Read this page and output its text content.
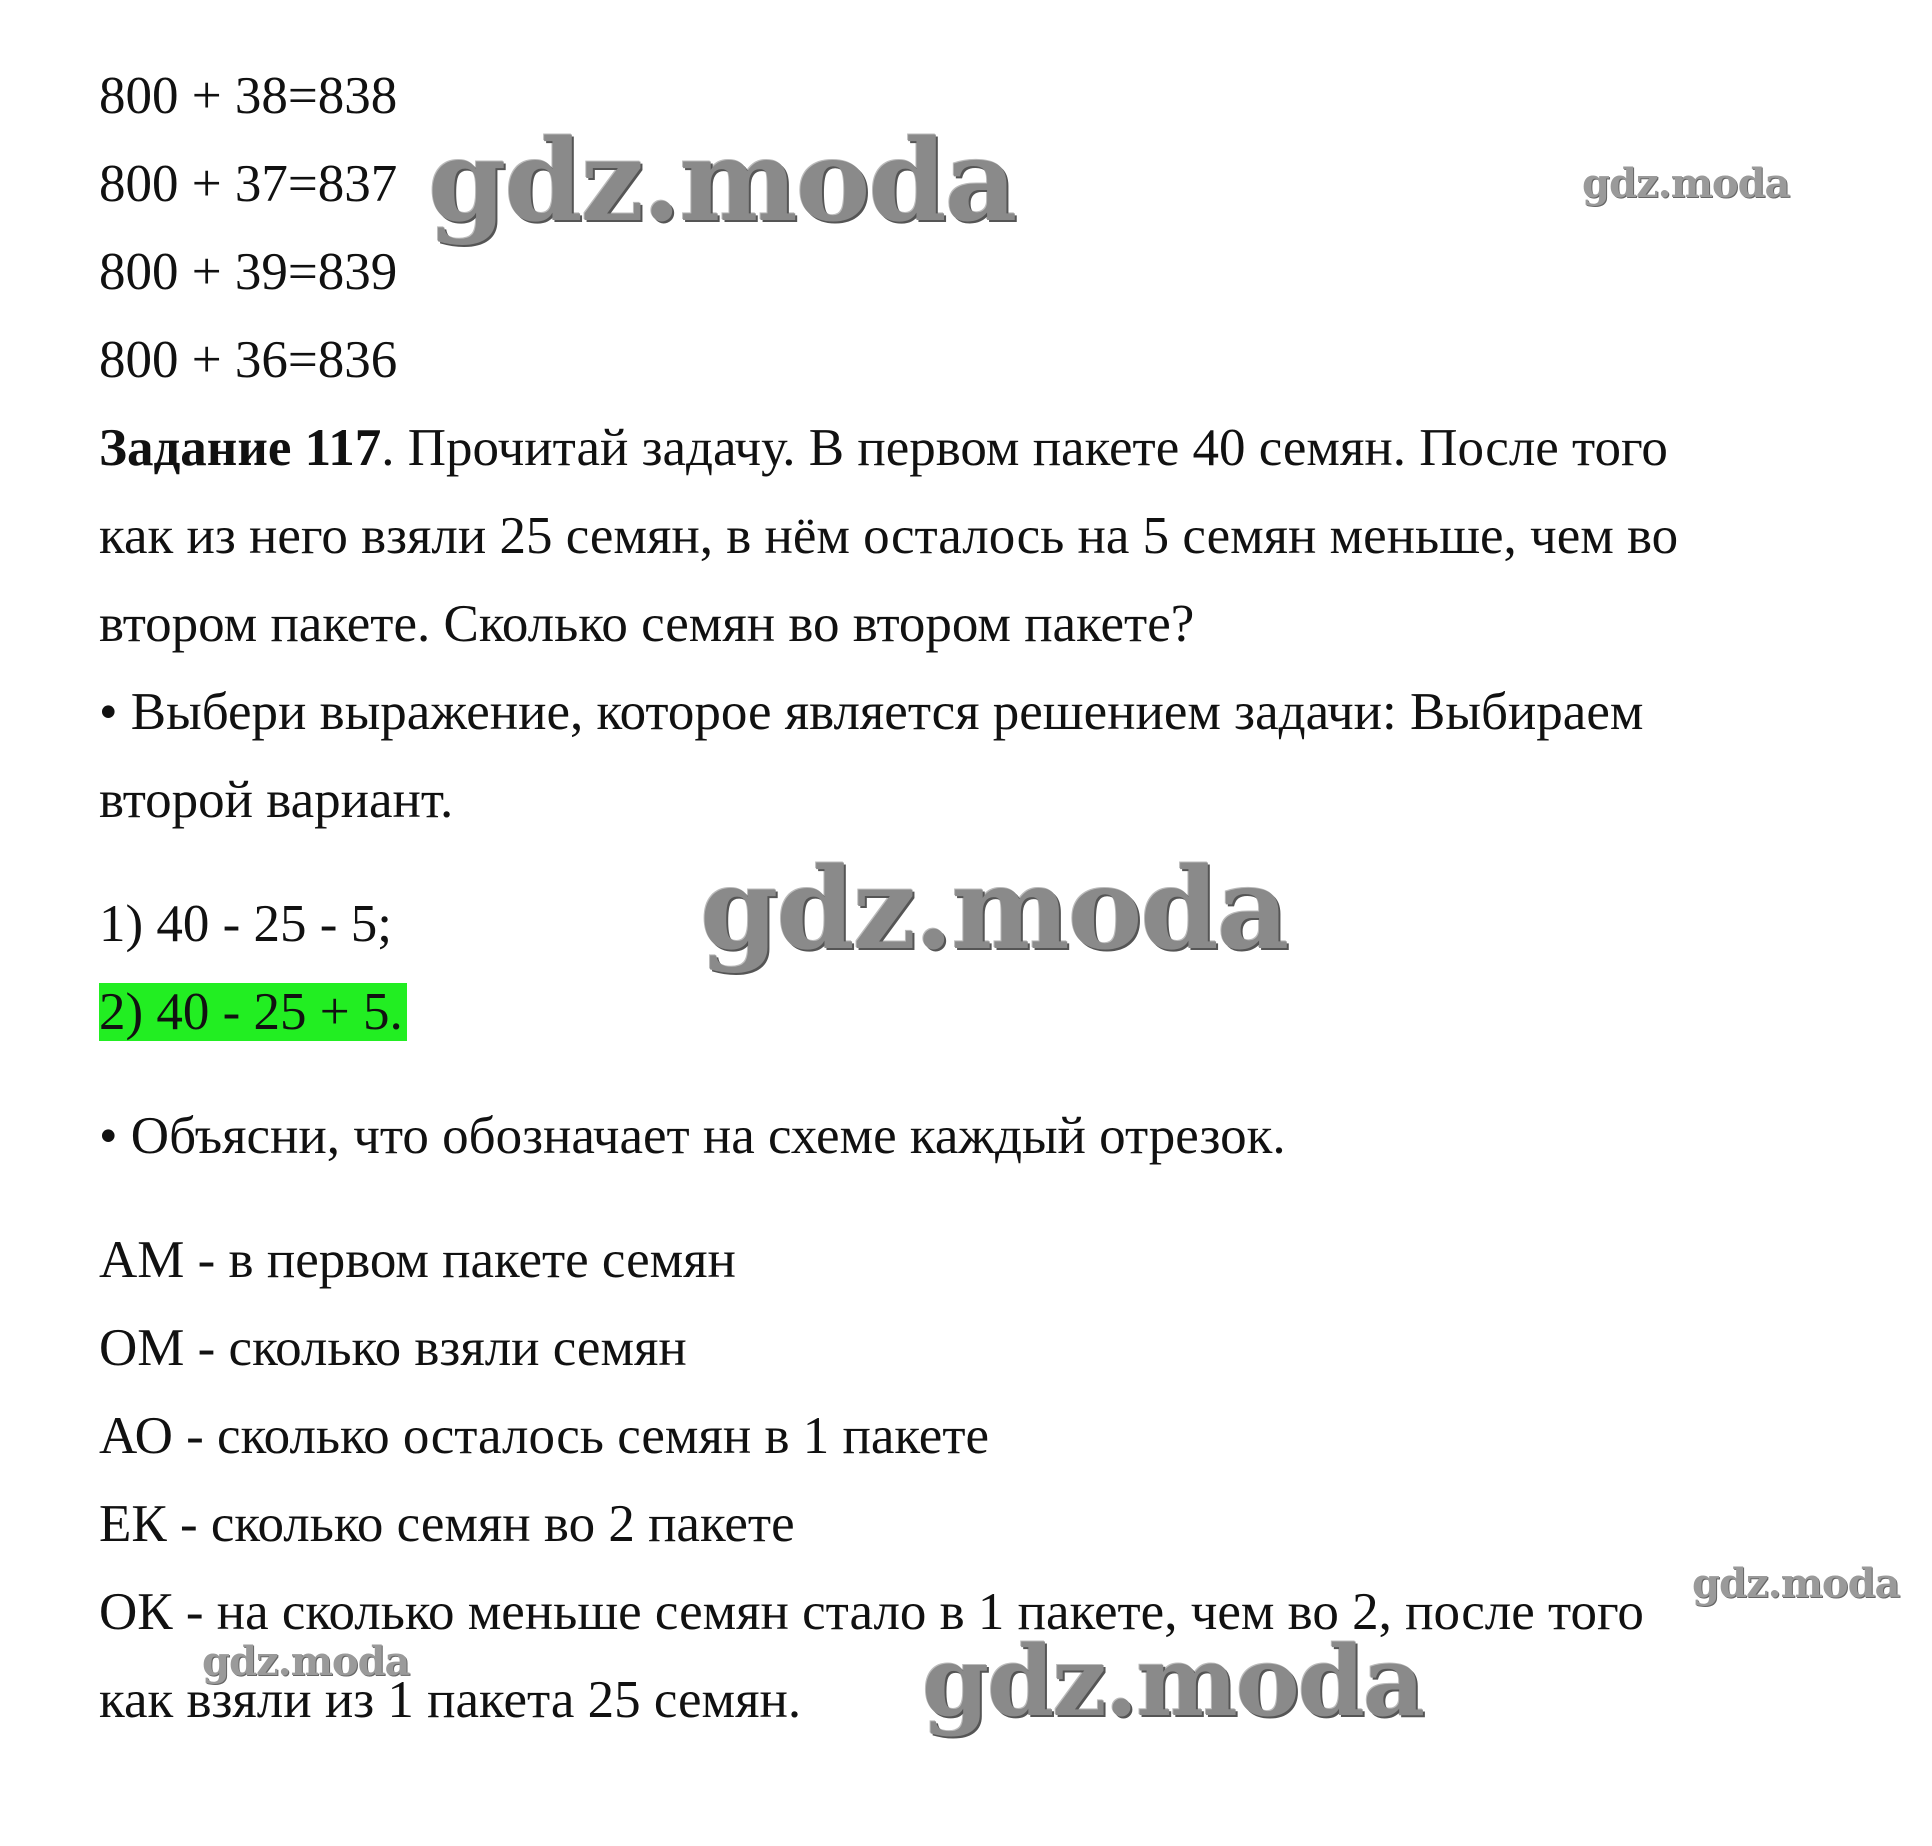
800 + 38=838
800 + 37=837
800 + 39=839
800 + 36=836
Задание 117. Прочитай задачу. В первом пакете 40 семян. После того
как из него взяли 25 семян, в нём осталось на 5 семян меньше, чем во
втором пакете. Сколько семян во втором пакете?
• Выбери выражение, которое является решением задачи: Выбираем
второй вариант.
1) 40 - 25 - 5;
2) 40 - 25 + 5.
• Объясни, что обозначает на схеме каждый отрезок.
АМ - в первом пакете семян
ОМ - сколько взяли семян
АО - сколько осталось семян в 1 пакете
ЕК - сколько семян во 2 пакете
ОК - на сколько меньше семян стало в 1 пакете, чем во 2, после того
как взяли из 1 пакета 25 семян.
gdz.moda	gdz.moda
gdz.moda
gdz.moda
gdz.moda	gdz.moda
